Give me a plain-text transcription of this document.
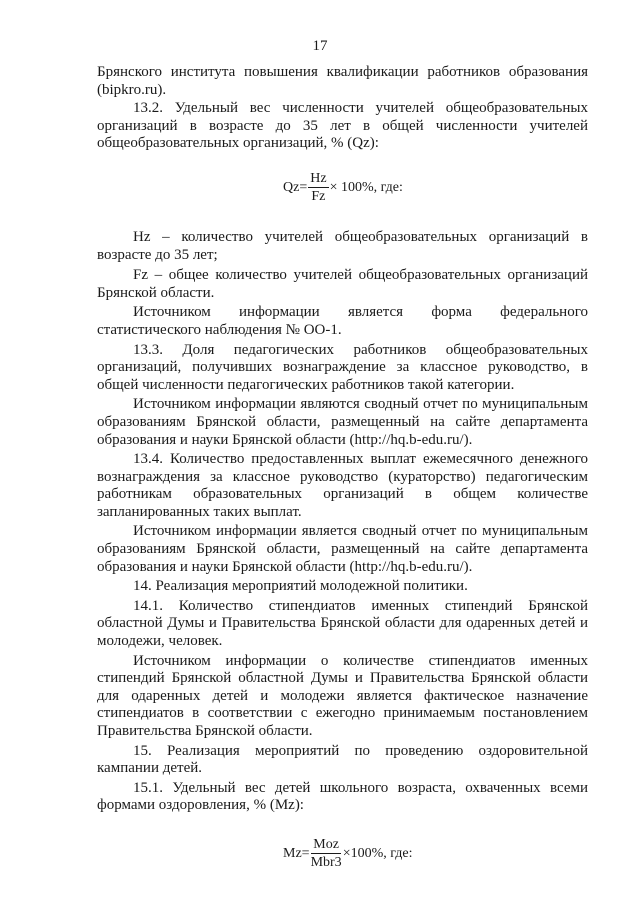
17

Брянского института повышения квалификации работников образования (bipkro.ru).

13.2. Удельный вес численности учителей общеобразовательных организаций в возрасте до 35 лет в общей численности учителей общеобразовательных организаций, % (Qz):

$Qz= \frac{Hz}{Fz} \times 100\%$, где:

Hz – количество учителей общеобразовательных организаций в возрасте до 35 лет;

Fz – общее количество учителей общеобразовательных организаций Брянской области.

Источником информации является форма федерального статистического наблюдения № ОО-1.

13.3. Доля педагогических работников общеобразовательных организаций, получивших вознаграждение за классное руководство, в общей численности педагогических работников такой категории.

Источником информации являются сводный отчет по муниципальным образованиям Брянской области, размещенный на сайте департамента образования и науки Брянской области (http://hq.b-edu.ru/).

13.4. Количество предоставленных выплат ежемесячного денежного вознаграждения за классное руководство (кураторство) педагогическим работникам образовательных организаций в общем количестве запланированных таких выплат.

Источником информации является сводный отчет по муниципальным образованиям Брянской области, размещенный на сайте департамента образования и науки Брянской области (http://hq.b-edu.ru/).

14. Реализация мероприятий молодежной политики.

14.1. Количество стипендиатов именных стипендий Брянской областной Думы и Правительства Брянской области для одаренных детей и молодежи, человек.

Источником информации о количестве стипендиатов именных стипендий Брянской областной Думы и Правительства Брянской области для одаренных детей и молодежи является фактическое назначение стипендиатов в соответствии с ежегодно принимаемым постановлением Правительства Брянской области.

15. Реализация мероприятий по проведению оздоровительной кампании детей.

15.1. Удельный вес детей школьного возраста, охваченных всеми формами оздоровления, % (Mz):

$Mz= \frac{\text{Moz}}{\text{Mbr3}} \times 100\%$, где:
